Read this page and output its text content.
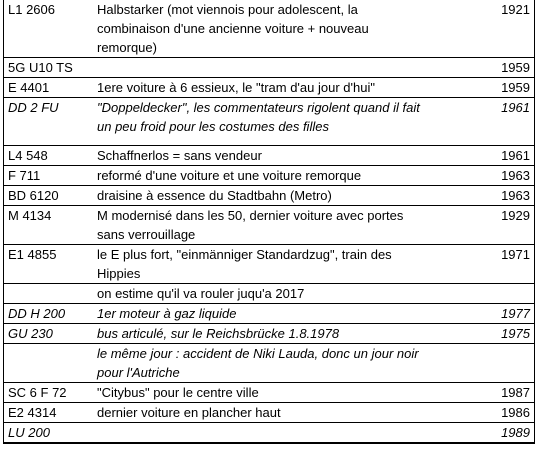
L1 2606	Halbstarker (mot viennois pour adolescent, la combinaison d'une ancienne voiture + nouveau remorque)	1921
5G U10 TS		1959
E 4401	1ere voiture à 6 essieux, le "tram d'au jour d'hui"	1959
DD 2 FU	"Doppeldecker", les commentateurs rigolent quand il fait un peu froid pour les costumes des filles	1961
L4 548	Schaffnerlos = sans vendeur	1961
F 711	reformé d'une voiture et une voiture remorque	1963
BD 6120	draisine à essence du Stadtbahn (Metro)	1963
M 4134	M modernisé dans les 50, dernier voiture avec portes sans verrouillage	1929
E1 4855	le E plus fort, "einmänniger Standardzug", train des Hippies	1971
	on estime qu'il va rouler juqu'a 2017	
DD H 200	1er moteur à gaz liquide	1977
GU 230	bus articulé, sur le Reichsbrücke 1.8.1978	1975
	le même jour : accident de Niki Lauda, donc un jour noir pour l'Autriche	
SC 6 F 72	"Citybus" pour le centre ville	1987
E2 4314	dernier voiture en plancher haut	1986
LU 200		1989
